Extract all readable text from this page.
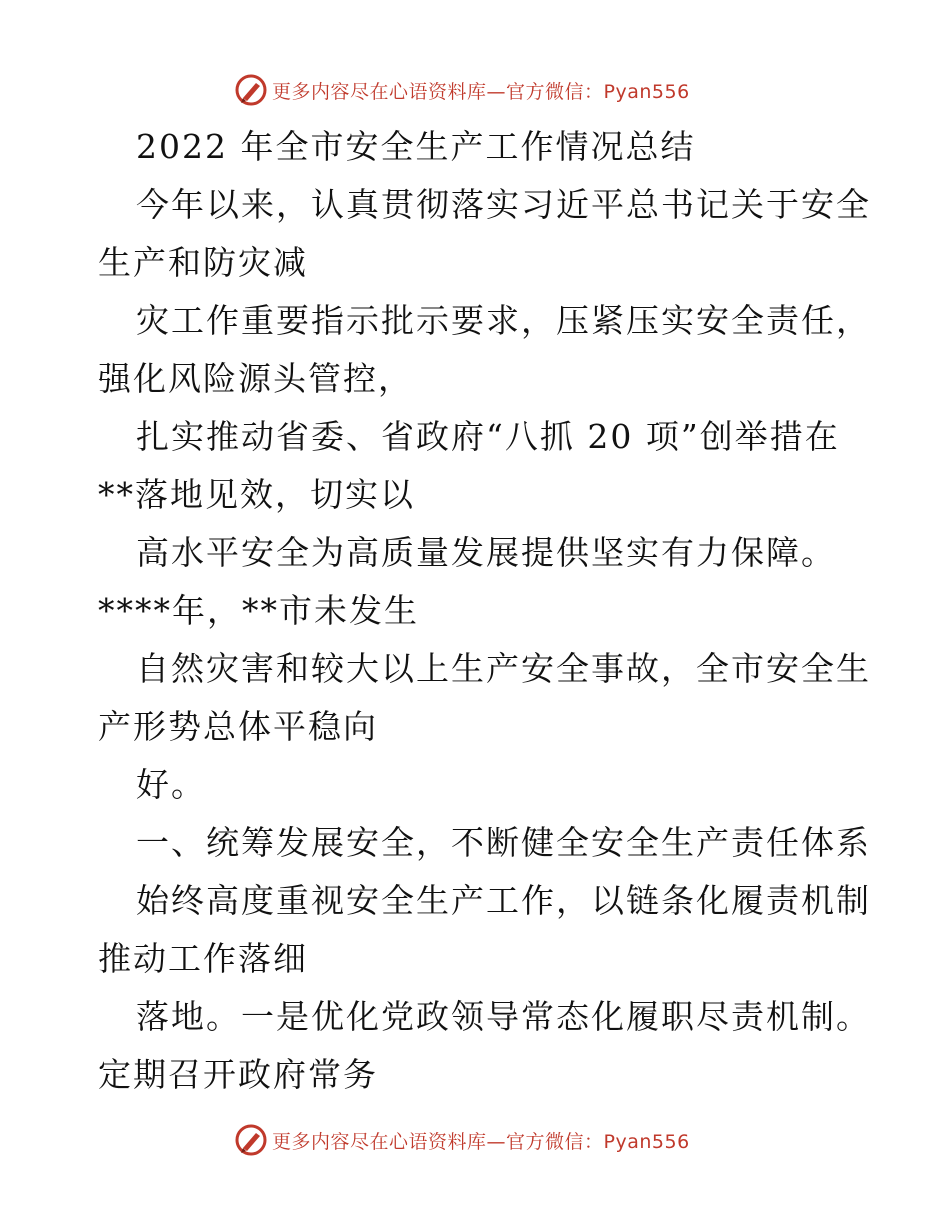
更多内容尽在心语资料库—官方微信：Pyan556

2022 年全市安全生产工作情况总结

今年以来，认真贯彻落实习近平总书记关于安全

生产和防灾减

灾工作重要指示批示要求，压紧压实安全责任，

强化风险源头管控，

扎实推动省委、省政府“八抓 20 项”创举措在

**落地见效，切实以

高水平安全为高质量发展提供坚实有力保障。

****年，**市未发生

自然灾害和较大以上生产安全事故，全市安全生

产形势总体平稳向

好。

一、统筹发展安全，不断健全安全生产责任体系

始终高度重视安全生产工作，以链条化履责机制

推动工作落细

落地。一是优化党政领导常态化履职尽责机制。

定期召开政府常务

更多内容尽在心语资料库—官方微信：Pyan556
